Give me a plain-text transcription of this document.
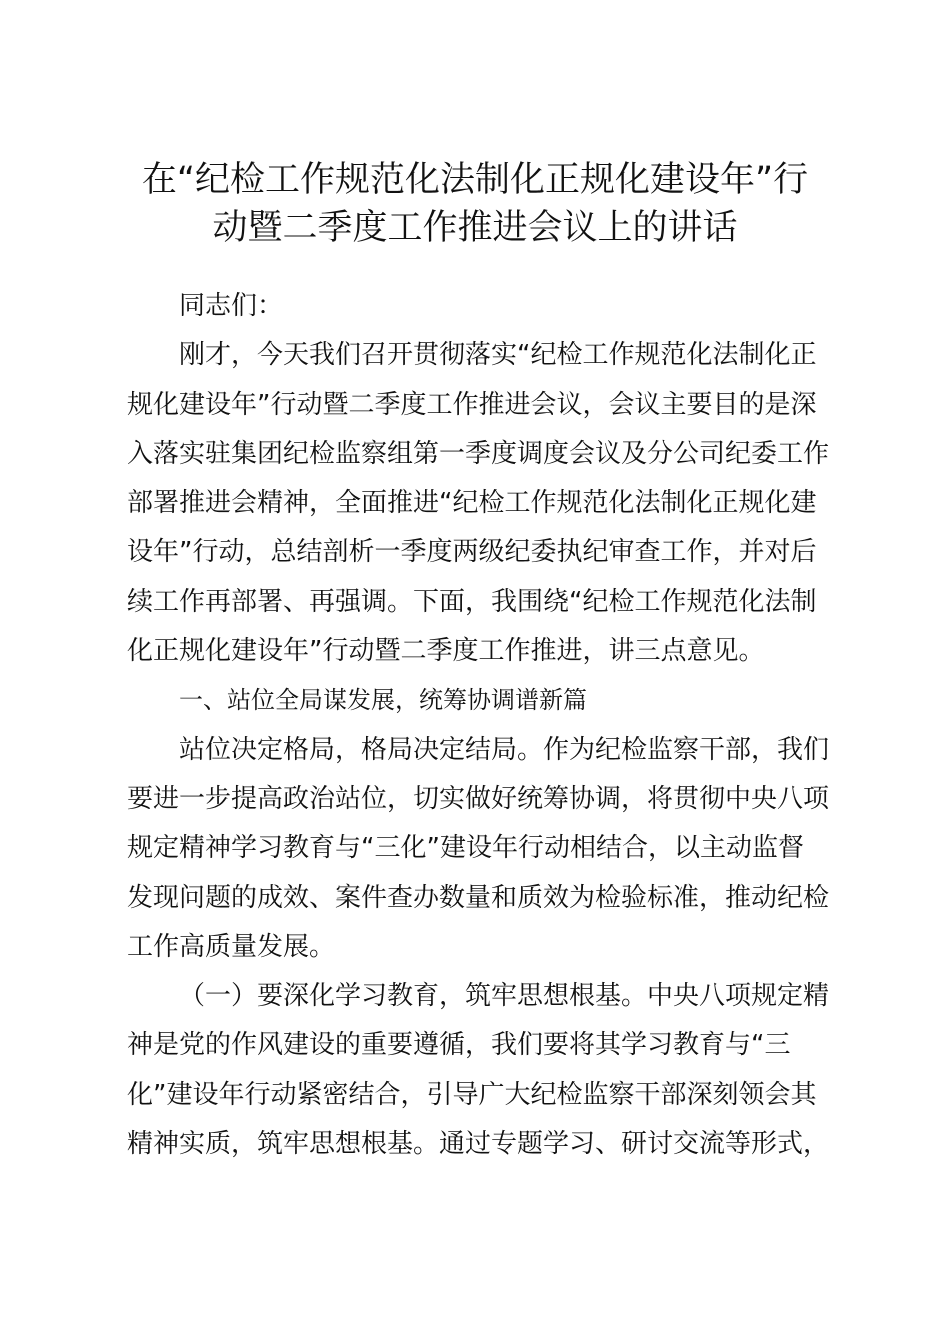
在“纪检工作规范化法制化正规化建设年”行
动暨二季度工作推进会议上的讲话
同志们：
刚才，今天我们召开贯彻落实“纪检工作规范化法制化正
规化建设年”行动暨二季度工作推进会议，会议主要目的是深
入落实驻集团纪检监察组第一季度调度会议及分公司纪委工作
部署推进会精神，全面推进“纪检工作规范化法制化正规化建
设年”行动，总结剖析一季度两级纪委执纪审查工作，并对后
续工作再部署、再强调。下面，我围绕“纪检工作规范化法制
化正规化建设年”行动暨二季度工作推进，讲三点意见。
一、站位全局谋发展，统筹协调谱新篇
站位决定格局，格局决定结局。作为纪检监察干部，我们
要进一步提高政治站位，切实做好统筹协调，将贯彻中央八项
规定精神学习教育与“三化”建设年行动相结合，以主动监督
发现问题的成效、案件查办数量和质效为检验标准，推动纪检
工作高质量发展。
（一）要深化学习教育，筑牢思想根基。中央八项规定精
神是党的作风建设的重要遵循，我们要将其学习教育与“三
化”建设年行动紧密结合，引导广大纪检监察干部深刻领会其
精神实质，筑牢思想根基。通过专题学习、研讨交流等形式，
